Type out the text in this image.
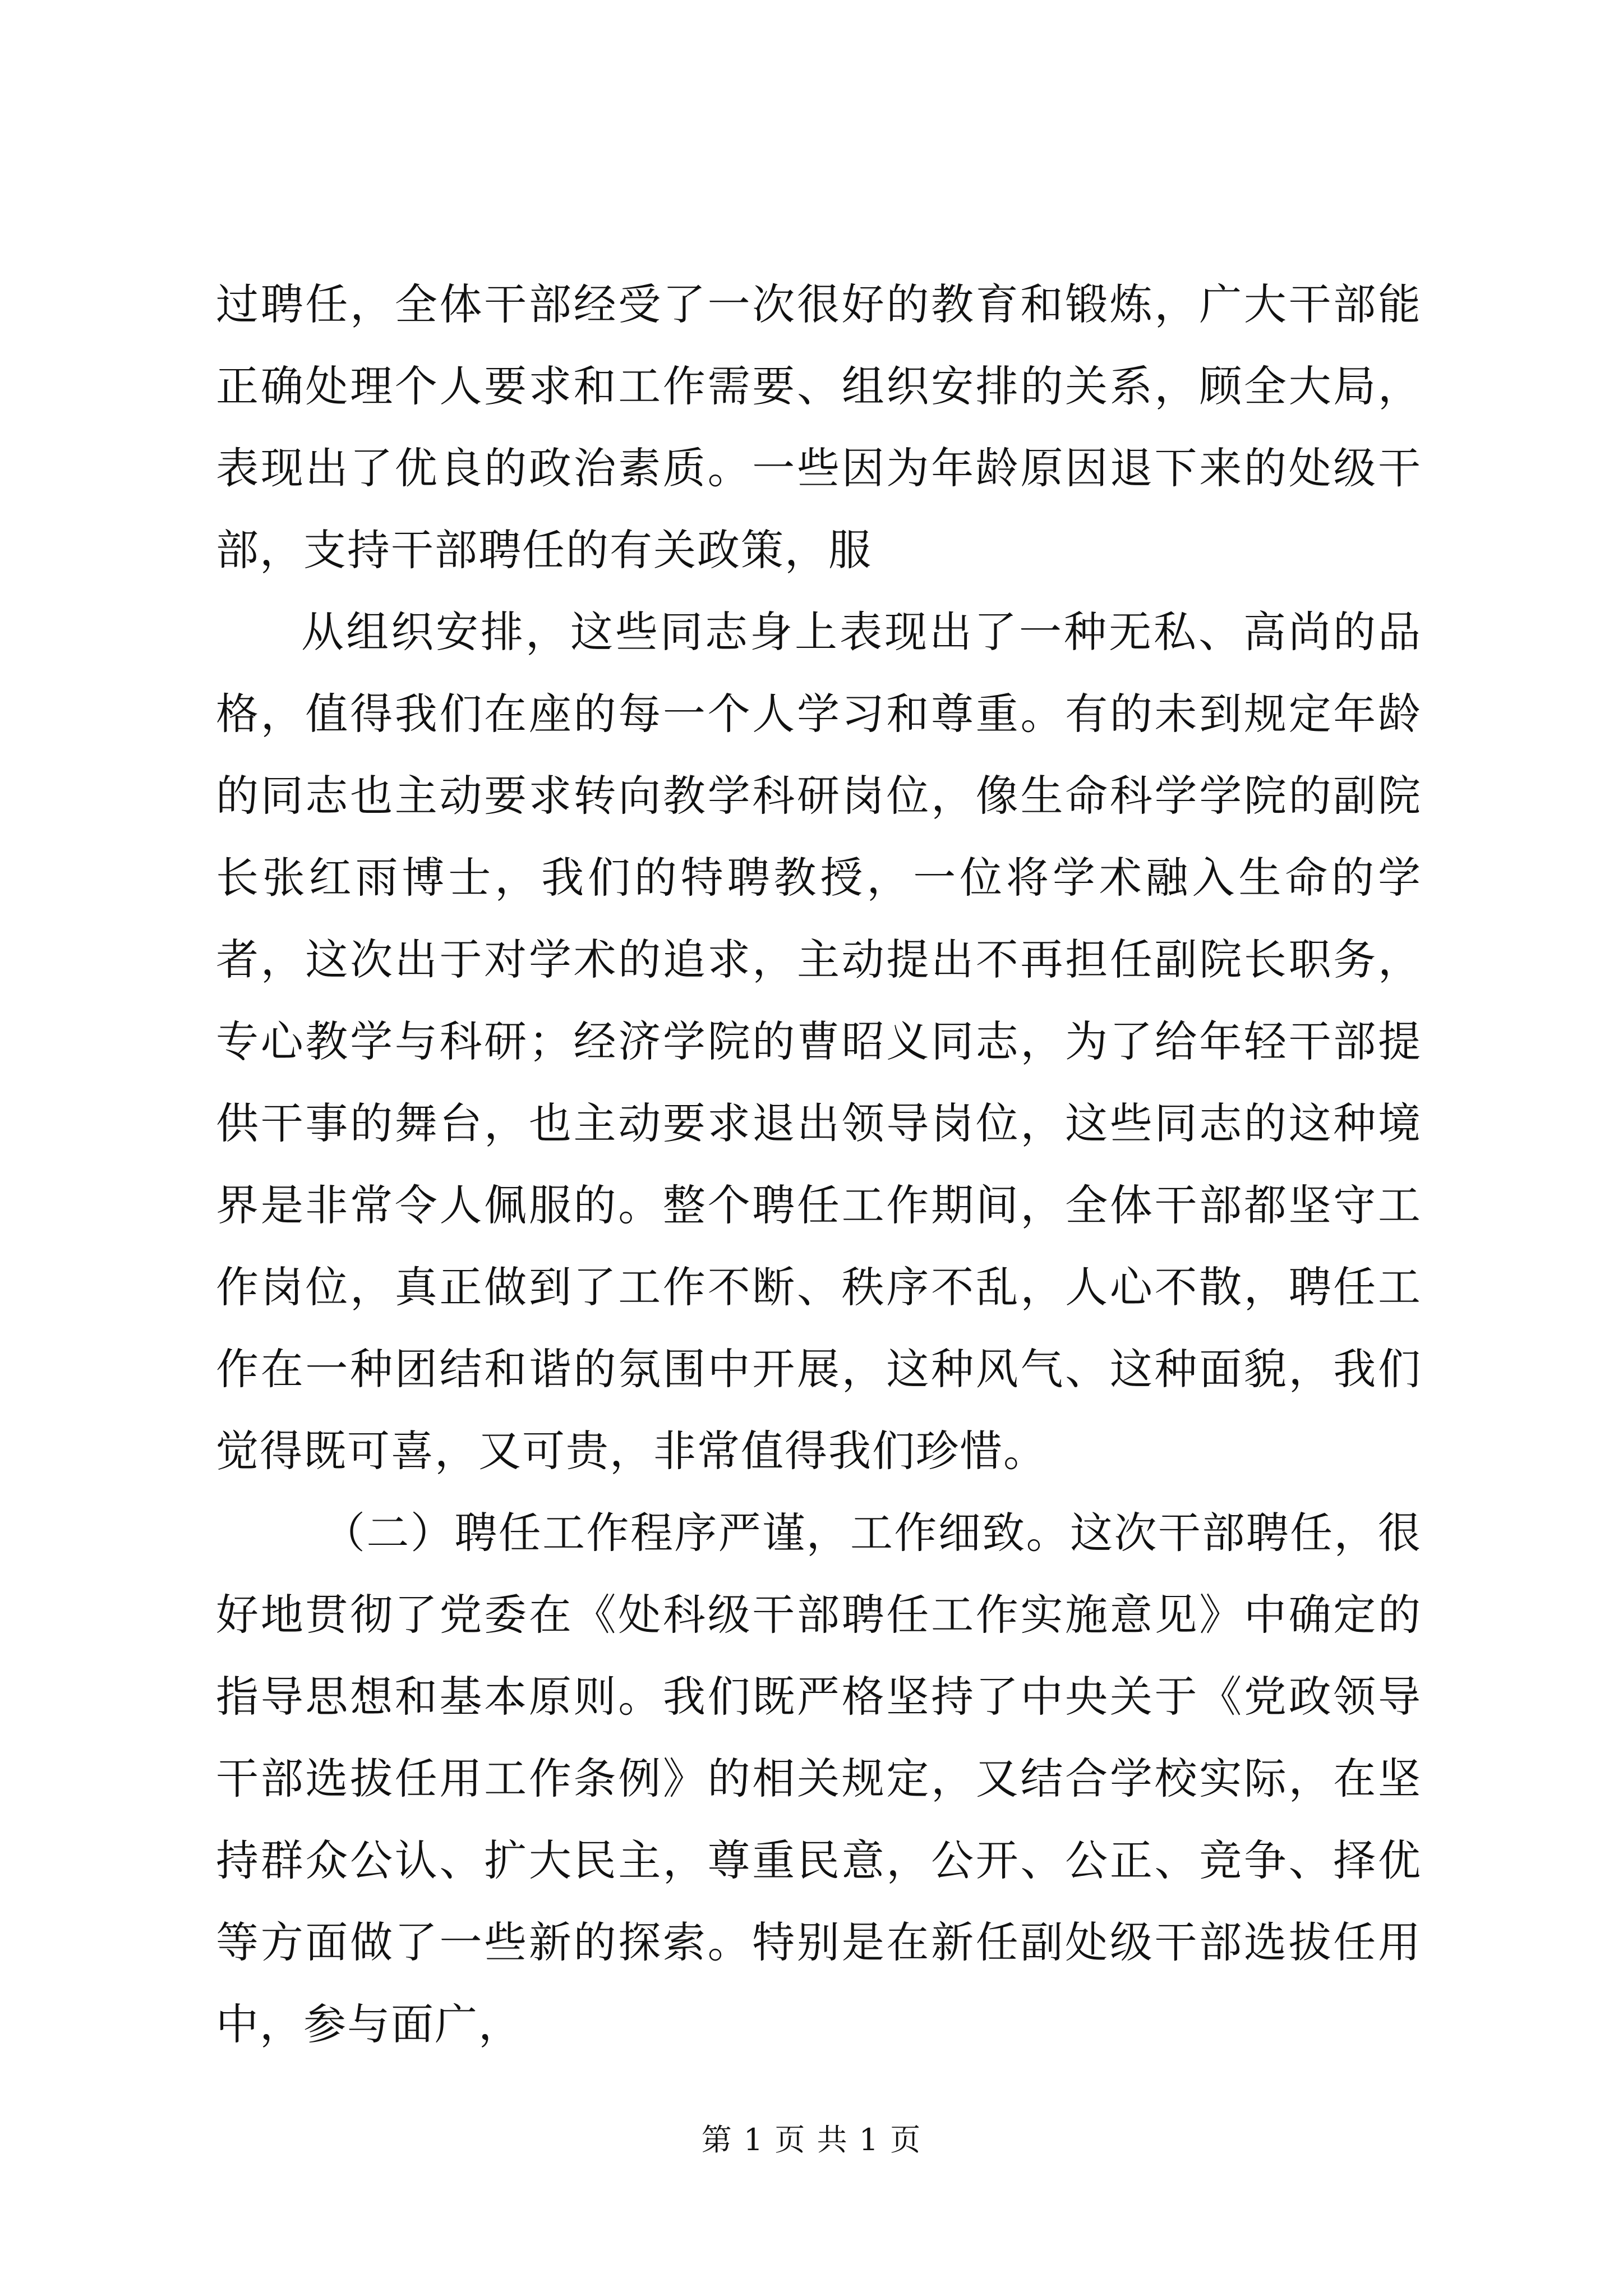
过聘任，全体干部经受了一次很好的教育和锻炼，广大干部能正确处理个人要求和工作需要、组织安排的关系，顾全大局，表现出了优良的政治素质。一些因为年龄原因退下来的处级干部，支持干部聘任的有关政策，服

从组织安排，这些同志身上表现出了一种无私、高尚的品格，值得我们在座的每一个人学习和尊重。有的未到规定年龄的同志也主动要求转向教学科研岗位，像生命科学学院的副院长张红雨博士，我们的特聘教授，一位将学术融入生命的学者，这次出于对学术的追求，主动提出不再担任副院长职务，专心教学与科研；经济学院的曹昭义同志，为了给年轻干部提供干事的舞台，也主动要求退出领导岗位，这些同志的这种境界是非常令人佩服的。整个聘任工作期间，全体干部都坚守工作岗位，真正做到了工作不断、秩序不乱，人心不散，聘任工作在一种团结和谐的氛围中开展，这种风气、这种面貌，我们觉得既可喜，又可贵，非常值得我们珍惜。

（二）聘任工作程序严谨，工作细致。这次干部聘任，很好地贯彻了党委在《处科级干部聘任工作实施意见》中确定的指导思想和基本原则。我们既严格坚持了中央关于《党政领导干部选拔任用工作条例》的相关规定，又结合学校实际，在坚持群众公认、扩大民主，尊重民意，公开、公正、竞争、择优等方面做了一些新的探索。特别是在新任副处级干部选拔任用中，参与面广，

第 1 页 共 1 页
